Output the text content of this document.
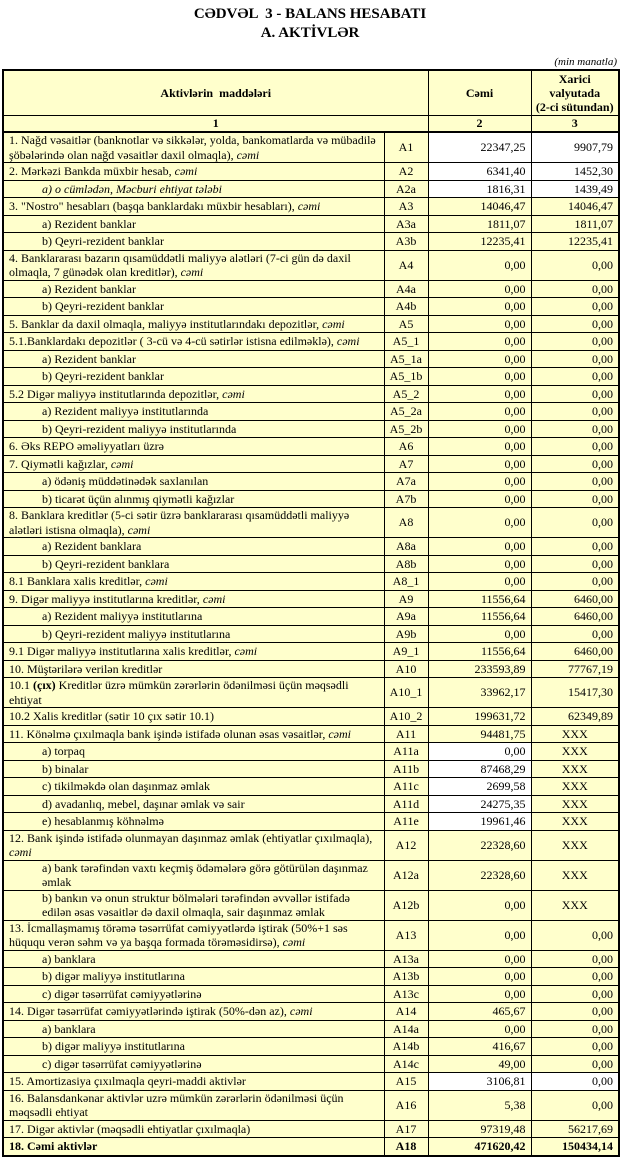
CƏDVƏL  3 - BALANS HESABATI
A. AKTİVLƏR
(min manatla)
Aktivlərin  maddələri		Cəmi	Xarici valyutada
(2-ci sütundan)

1		2	3
1. Nağd vəsaitlər (banknotlar və sikkələr, yolda, bankomatlarda və mübadilə şöbələrində olan nağd vəsaitlər daxil olmaqla), cəmi	A1	22347,25	9907,79
2. Mərkəzi Bankda müxbir hesab, cəmi	A2	6341,40	1452,30
a) o cümlədən, Məcburi ehtiyat tələbi	A2a	1816,31	1439,49
3. "Nostro" hesabları (başqa banklardakı müxbir hesabları), cəmi	A3	14046,47	14046,47
a) Rezident banklar	A3a	1811,07	1811,07
b) Qeyri-rezident banklar	A3b	12235,41	12235,41
4. Banklararası bazarın qısamüddətli maliyyə alətləri (7-ci gün də daxil olmaqla, 7 günədək olan kreditlər), cəmi	A4	0,00	0,00
a) Rezident banklar	A4a	0,00	0,00
b) Qeyri-rezident banklar	A4b	0,00	0,00
5. Banklar da daxil olmaqla, maliyyə institutlarındakı depozitlər, cəmi	A5	0,00	0,00
5.1.Banklardakı depozitlər ( 3-cü və 4-cü sətirlər istisna edilməklə), cəmi	A5_1	0,00	0,00
a) Rezident banklar	A5_1a	0,00	0,00
b) Qeyri-rezident banklar	A5_1b	0,00	0,00
5.2 Digər maliyyə institutlarında depozitlər, cəmi	A5_2	0,00	0,00
a) Rezident maliyyə institutlarında	A5_2a	0,00	0,00
b) Qeyri-rezident maliyyə institutlarında	A5_2b	0,00	0,00
6. Əks REPO əməliyyatları üzrə	A6	0,00	0,00
7. Qiymətli kağızlar, cəmi	A7	0,00	0,00
a) ödəniş müddətinədək saxlanılan	A7a	0,00	0,00
b) ticarət üçün alınmış qiymətli kağızlar	A7b	0,00	0,00
8. Banklara kreditlər (5-ci sətir üzrə banklararası qısamüddətli maliyyə alətləri istisna olmaqla), cəmi	A8	0,00	0,00
a) Rezident banklara	A8a	0,00	0,00
b) Qeyri-rezident banklara	A8b	0,00	0,00
8.1 Banklara xalis kreditlər, cəmi	A8_1	0,00	0,00
9. Digər maliyyə institutlarına kreditlər, cəmi	A9	11556,64	6460,00
a) Rezident maliyyə institutlarına	A9a	11556,64	6460,00
b) Qeyri-rezident maliyyə institutlarına	A9b	0,00	0,00
9.1 Digər maliyyə institutlarına xalis kreditlər, cəmi	A9_1	11556,64	6460,00
10. Müştərilərə verilən kreditlər	A10	233593,89	77767,19
10.1 (çıx) Kreditlər üzrə mümkün zərərlərin ödənilməsi üçün məqsədli ehtiyat	A10_1	33962,17	15417,30
10.2 Xalis kreditlər (sətir 10 çıx sətir 10.1)	A10_2	199631,72	62349,89
11. Könəlmə çıxılmaqla bank işində istifadə olunan əsas vəsaitlər, cəmi	A11	94481,75	XXX
a) torpaq	A11a	0,00	XXX
b) binalar	A11b	87468,29	XXX
c) tikilməkdə olan daşınmaz əmlak	A11c	2699,58	XXX
d) avadanlıq, mebel, daşınar əmlak və sair	A11d	24275,35	XXX
e) hesablanmış köhnəlmə	A11e	19961,46	XXX
12. Bank işində istifadə olunmayan daşınmaz əmlak (ehtiyatlar çıxılmaqla), cəmi	A12	22328,60	XXX
a) bank tərəfindən vaxtı keçmiş ödəmələrə görə götürülən daşınmaz əmlak	A12a	22328,60	XXX
b) bankın və onun struktur bölmələri tərəfindən əvvəllər istifadə edilən əsas vəsaitlər də daxil olmaqla, sair daşınmaz əmlak	A12b	0,00	XXX
13. İcmallaşmamış törəmə təsərrüfat cəmiyyətlərdə iştirak (50%+1 səs hüququ verən səhm və ya başqa formada törəməsidirsə), cəmi	A13	0,00	0,00
a) banklara	A13a	0,00	0,00
b) digər maliyyə institutlarına	A13b	0,00	0,00
c) digər təsərrüfat cəmiyyətlərinə	A13c	0,00	0,00
14. Digər təsərrüfat cəmiyyətlərində iştirak (50%-dən az), cəmi	A14	465,67	0,00
a) banklara	A14a	0,00	0,00
b) digər maliyyə institutlarına	A14b	416,67	0,00
c) digər təsərrüfat cəmiyyətlərinə	A14c	49,00	0,00
15. Amortizasiya çıxılmaqla qeyri-maddi aktivlər	A15	3106,81	0,00
16. Balansdankənar aktivlər uzrə mümkün zərərlərin ödənilməsi üçün məqsədli ehtiyat	A16	5,38	0,00
17. Digər aktivlər (məqsədli ehtiyatlar çıxılmaqla)	A17	97319,48	56217,69
18. Cəmi aktivlər	A18	471620,42	150434,14
